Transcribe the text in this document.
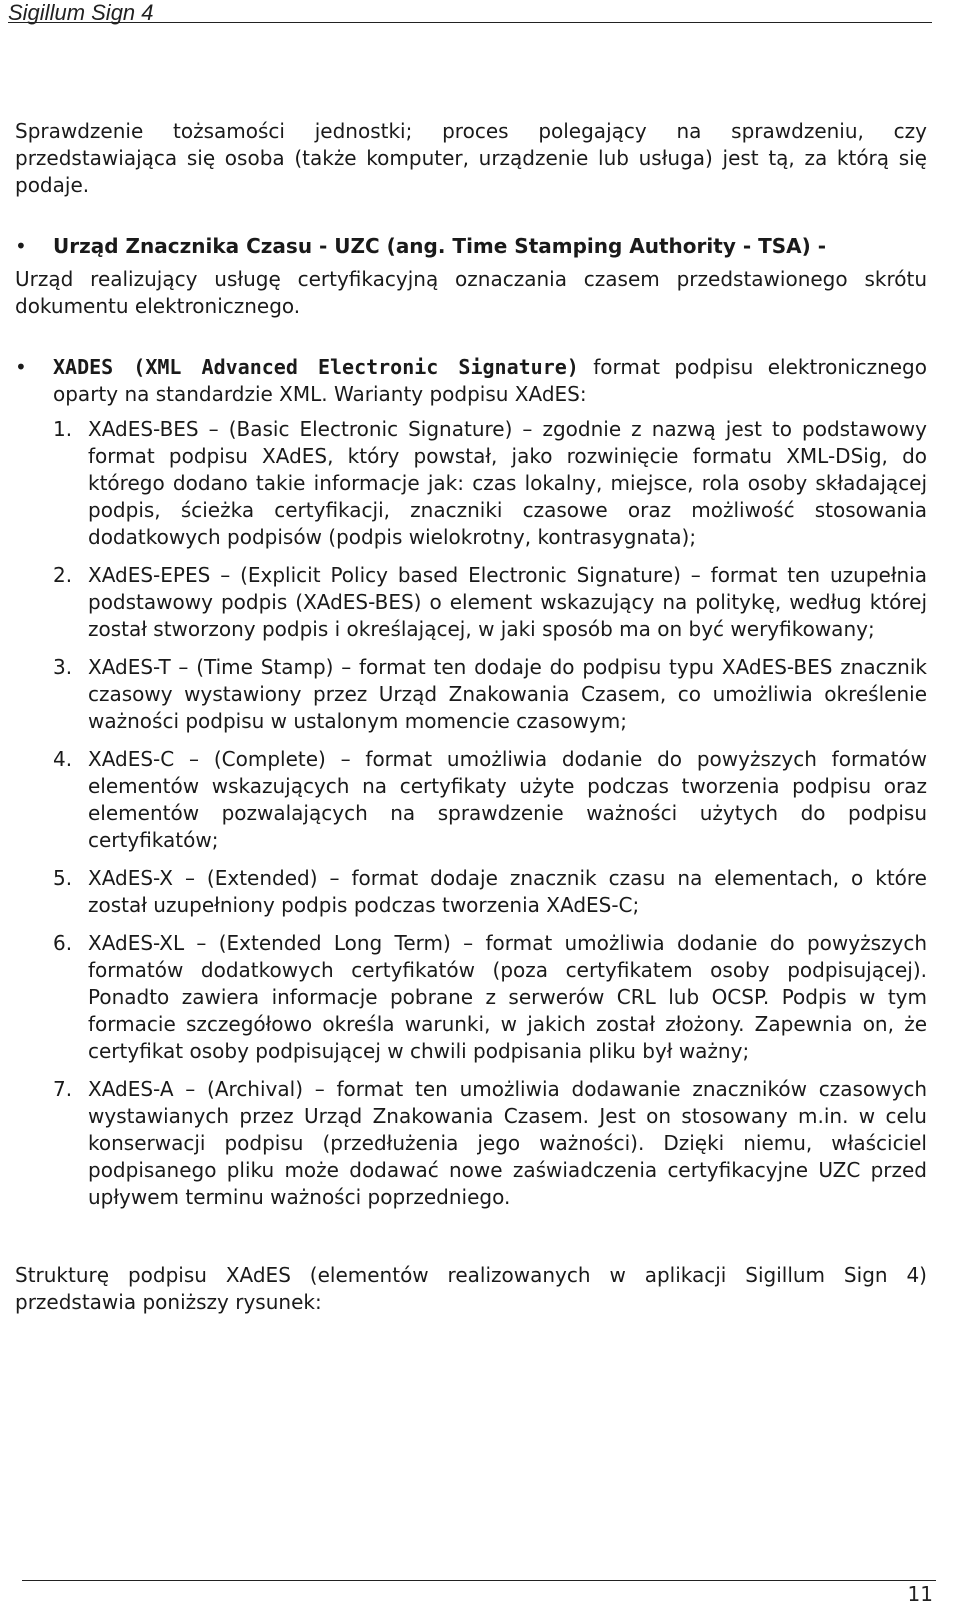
Sigillum Sign 4

Sprawdzenie tożsamości jednostki; proces polegający na sprawdzeniu, czy przedstawiająca się osoba (także komputer, urządzenie lub usługa) jest tą, za którą się podaje.

•	Urząd Znacznika Czasu - UZC (ang. Time Stamping Authority - TSA) -

Urząd realizujący usługę certyfikacyjną oznaczania czasem przedstawionego skrótu dokumentu elektronicznego.

•	XADES (XML Advanced Electronic Signature) format podpisu elektronicznego oparty na standardzie XML. Warianty podpisu XAdES:
1. XAdES-BES – (Basic Electronic Signature) – zgodnie z nazwą jest to podstawowy format podpisu XAdES, który powstał, jako rozwinięcie formatu XML-DSig, do którego dodano takie informacje jak: czas lokalny, miejsce, rola osoby składającej podpis, ścieżka certyfikacji, znaczniki czasowe oraz możliwość stosowania dodatkowych podpisów (podpis wielokrotny, kontrasygnata);
2. XAdES-EPES – (Explicit Policy based Electronic Signature) – format ten uzupełnia podstawowy podpis (XAdES-BES) o element wskazujący na politykę, według której został stworzony podpis i określającej, w jaki sposób ma on być weryfikowany;
3. XAdES-T – (Time Stamp) – format ten dodaje do podpisu typu XAdES-BES znacznik czasowy wystawiony przez Urząd Znakowania Czasem, co umożliwia określenie ważności podpisu w ustalonym momencie czasowym;
4. XAdES-C – (Complete) – format umożliwia dodanie do powyższych formatów elementów wskazujących na certyfikaty użyte podczas tworzenia podpisu oraz elementów pozwalających na sprawdzenie ważności użytych do podpisu certyfikatów;
5. XAdES-X – (Extended) – format dodaje znacznik czasu na elementach, o które został uzupełniony podpis podczas tworzenia XAdES-C;
6. XAdES-XL – (Extended Long Term) – format umożliwia dodanie do powyższych formatów dodatkowych certyfikatów (poza certyfikatem osoby podpisującej). Ponadto zawiera informacje pobrane z serwerów CRL lub OCSP. Podpis w tym formacie szczegółowo określa warunki, w jakich został złożony. Zapewnia on, że certyfikat osoby podpisującej w chwili podpisania pliku był ważny;
7. XAdES-A – (Archival) – format ten umożliwia dodawanie znaczników czasowych wystawianych przez Urząd Znakowania Czasem. Jest on stosowany m.in. w celu konserwacji podpisu (przedłużenia jego ważności). Dzięki niemu, właściciel podpisanego pliku może dodawać nowe zaświadczenia certyfikacyjne UZC przed upływem terminu ważności poprzedniego.

Strukturę podpisu XAdES (elementów realizowanych w aplikacji Sigillum Sign 4) przedstawia poniższy rysunek:

11
